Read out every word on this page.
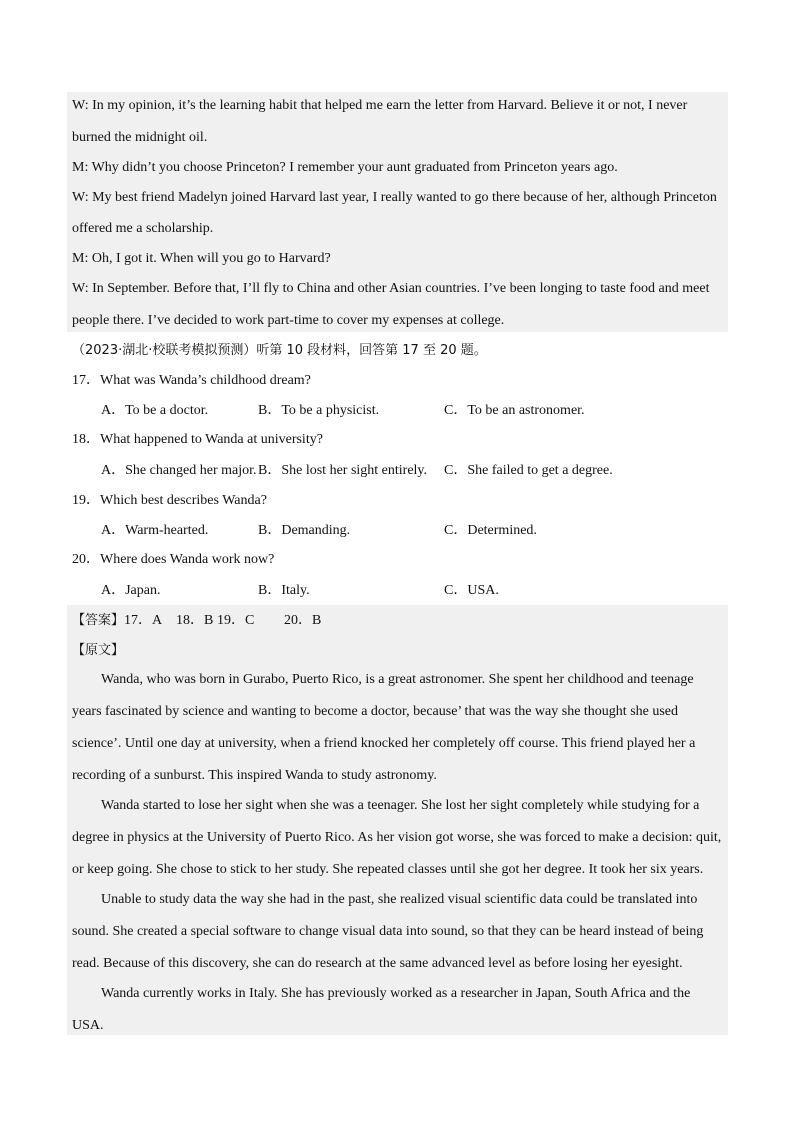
W: In my opinion, it’s the learning habit that helped me earn the letter from Harvard. Believe it or not, I never
burned the midnight oil.
M: Why didn’t you choose Princeton? I remember your aunt graduated from Princeton years ago.
W: My best friend Madelyn joined Harvard last year, I really wanted to go there because of her, although Princeton
offered me a scholarship.
M: Oh, I got it. When will you go to Harvard?
W: In September. Before that, I’ll fly to China and other Asian countries. I’ve been longing to taste food and meet
people there. I’ve decided to work part-time to cover my expenses at college.
（2023·湖北·校联考模拟预测）听第 10 段材料，回答第 17 至 20 题。
17．What was Wanda’s childhood dream?
A．To be a doctor.	B．To be a physicist.	C．To be an astronomer.
18．What happened to Wanda at university?
A．She changed her major. B．She lost her sight entirely. C．She failed to get a degree.
19．Which best describes Wanda?
A．Warm-hearted.	B．Demanding.	C．Determined.
20．Where does Wanda work now?
A．Japan.	B．Italy.	C．USA.
【答案】17．A 18．B 19．C 20．B
【原文】
Wanda, who was born in Gurabo, Puerto Rico, is a great astronomer. She spent her childhood and teenage
years fascinated by science and wanting to become a doctor, because’ that was the way she thought she used
science’. Until one day at university, when a friend knocked her completely off course. This friend played her a
recording of a sunburst. This inspired Wanda to study astronomy.
Wanda started to lose her sight when she was a teenager. She lost her sight completely while studying for a
degree in physics at the University of Puerto Rico. As her vision got worse, she was forced to make a decision: quit,
or keep going. She chose to stick to her study. She repeated classes until she got her degree. It took her six years.
Unable to study data the way she had in the past, she realized visual scientific data could be translated into
sound. She created a special software to change visual data into sound, so that they can be heard instead of being
read. Because of this discovery, she can do research at the same advanced level as before losing her eyesight.
Wanda currently works in Italy. She has previously worked as a researcher in Japan, South Africa and the
USA.
